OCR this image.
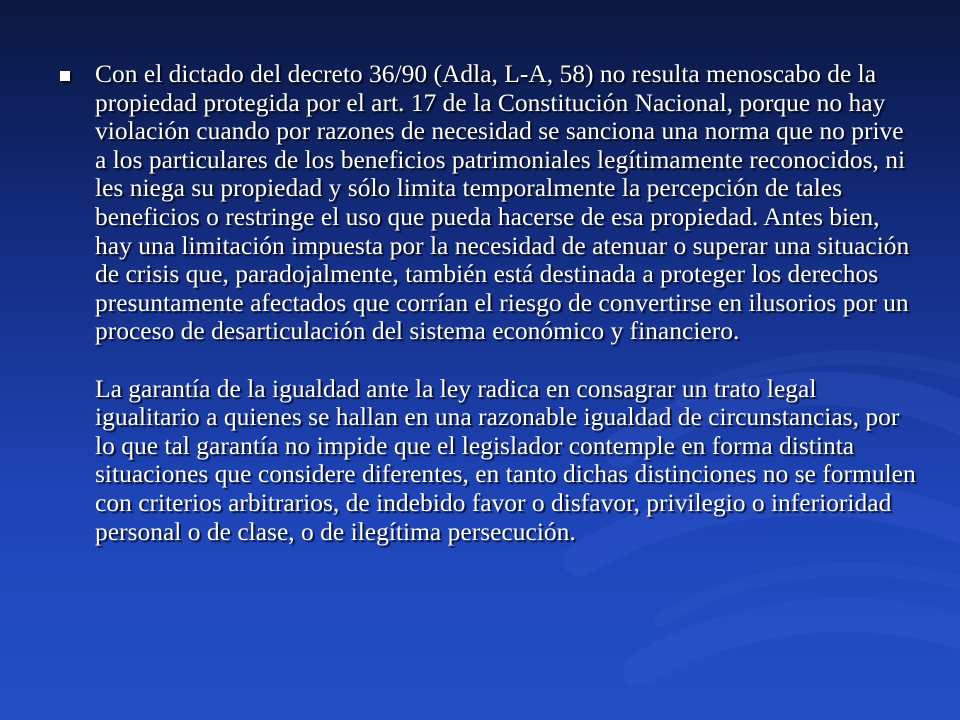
Con el dictado del decreto 36/90 (Adla, L-A, 58) no resulta menoscabo de la propiedad protegida por el art. 17 de la Constitución Nacional, porque no hay violación cuando por razones de necesidad se sanciona una norma que no prive a los particulares de los beneficios patrimoniales legítimamente reconocidos, ni les niega su propiedad y sólo limita temporalmente la percepción de tales beneficios o restringe el uso que pueda hacerse de esa propiedad. Antes bien, hay una limitación impuesta por la necesidad de atenuar o superar una situación de crisis que, paradojalmente, también está destinada a proteger los derechos presuntamente afectados que corrían el riesgo de convertirse en ilusorios por un proceso de desarticulación del sistema económico y financiero.

La garantía de la igualdad ante la ley radica en consagrar un trato legal igualitario a quienes se hallan en una razonable igualdad de circunstancias, por lo que tal garantía no impide que el legislador contemple en forma distinta situaciones que considere diferentes, en tanto dichas distinciones no se formulen con criterios arbitrarios, de indebido favor o disfavor, privilegio o inferioridad personal o de clase, o de ilegítima persecución.
